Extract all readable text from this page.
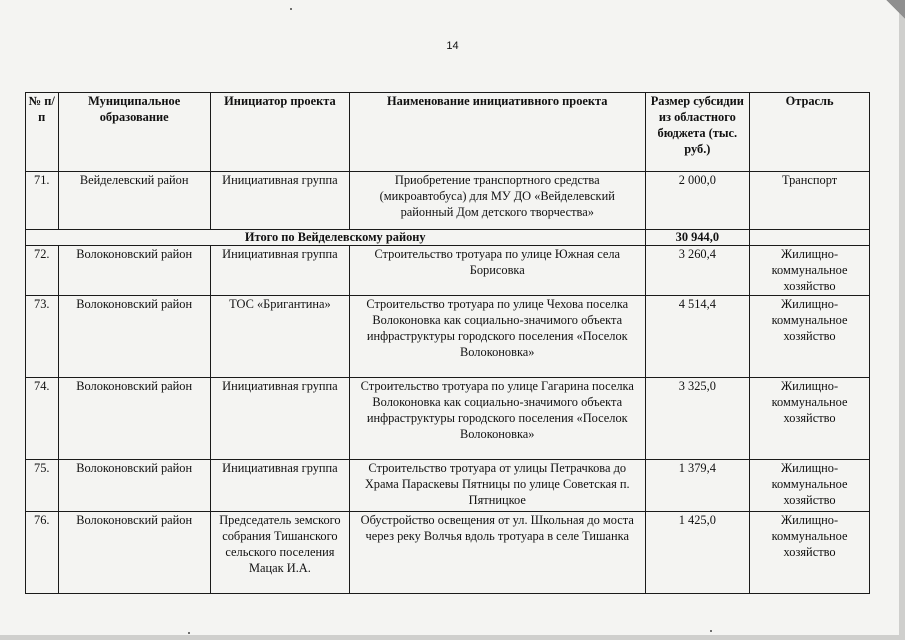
14
№ п/п	Муниципальное образование	Инициатор проекта	Наименование инициативного проекта	Размер субсидии из областного бюджета (тыс. руб.)	Отрасль
71.	Вейделевский район	Инициативная группа	Приобретение транспортного средства (микроавтобуса) для МУ ДО «Вейделевский районный Дом детского творчества»	2 000,0	Транспорт
Итого по Вейделевскому району				30 944,0	
72.	Волоконовский район	Инициативная группа	Строительство тротуара по улице Южная села Борисовка	3 260,4	Жилищно-коммунальное хозяйство
73.	Волоконовский район	ТОС «Бригантина»	Строительство тротуара по улице Чехова поселка Волоконовка как социально-значимого объекта инфраструктуры городского поселения «Поселок Волоконовка»	4 514,4	Жилищно-коммунальное хозяйство
74.	Волоконовский район	Инициативная группа	Строительство тротуара по улице Гагарина поселка Волоконовка как социально-значимого объекта инфраструктуры городского поселения «Поселок Волоконовка»	3 325,0	Жилищно-коммунальное хозяйство
75.	Волоконовский район	Инициативная группа	Строительство тротуара от улицы Петрачкова до Храма Параскевы Пятницы по улице Советская п. Пятницкое	1 379,4	Жилищно-коммунальное хозяйство
76.	Волоконовский район	Председатель земского собрания Тишанского сельского поселения Мацак И.А.	Обустройство освещения от ул. Школьная до моста через реку Волчья вдоль тротуара в селе Тишанка	1 425,0	Жилищно-коммунальное хозяйство
